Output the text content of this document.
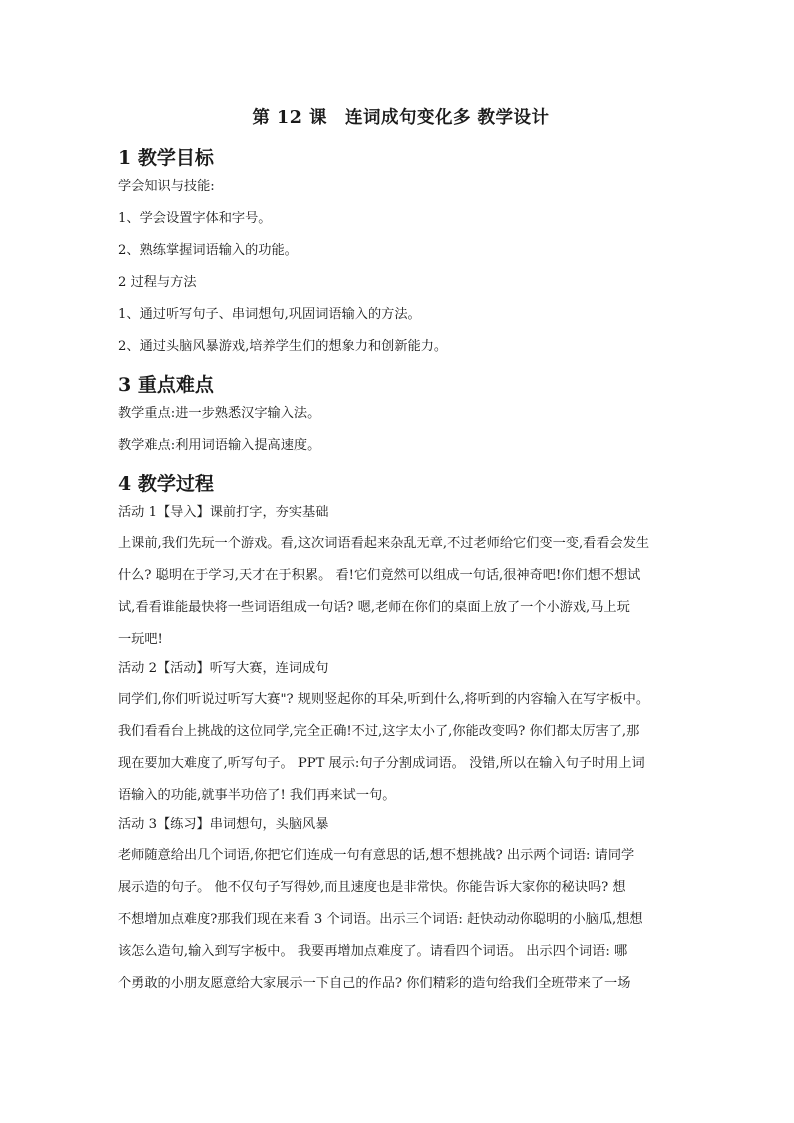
第 12 课　连词成句变化多 教学设计
1 教学目标
学会知识与技能:
1、学会设置字体和字号。
2、熟练掌握词语输入的功能。
2 过程与方法
1、通过听写句子、串词想句,巩固词语输入的方法。
2、通过头脑风暴游戏,培养学生们的想象力和创新能力。
3 重点难点
教学重点:进一步熟悉汉字输入法。
教学难点:利用词语输入提高速度。
4 教学过程
活动 1【导入】课前打字，夯实基础
上课前,我们先玩一个游戏。看,这次词语看起来杂乱无章,不过老师给它们变一变,看看会发生
什么? 聪明在于学习,天才在于积累。 看!它们竟然可以组成一句话,很神奇吧!你们想不想试
试,看看谁能最快将一些词语组成一句话? 嗯,老师在你们的桌面上放了一个小游戏,马上玩
一玩吧!
活动 2【活动】听写大赛，连词成句
同学们,你们听说过听写大赛"? 规则竖起你的耳朵,听到什么,将听到的内容输入在写字板中。
我们看看台上挑战的这位同学,完全正确!不过,这字太小了,你能改变吗? 你们都太厉害了,那
现在要加大难度了,听写句子。 PPT 展示:句子分割成词语。 没错,所以在输入句子时用上词
语输入的功能,就事半功倍了! 我们再来试一句。
活动 3【练习】串词想句，头脑风暴
老师随意给出几个词语,你把它们连成一句有意思的话,想不想挑战? 出示两个词语: 请同学
展示造的句子。 他不仅句子写得妙,而且速度也是非常快。你能告诉大家你的秘诀吗? 想
不想增加点难度?那我们现在来看 3 个词语。出示三个词语: 赶快动动你聪明的小脑瓜,想想
该怎么造句,输入到写字板中。 我要再增加点难度了。请看四个词语。 出示四个词语: 哪
个勇敢的小朋友愿意给大家展示一下自己的作品? 你们精彩的造句给我们全班带来了一场
